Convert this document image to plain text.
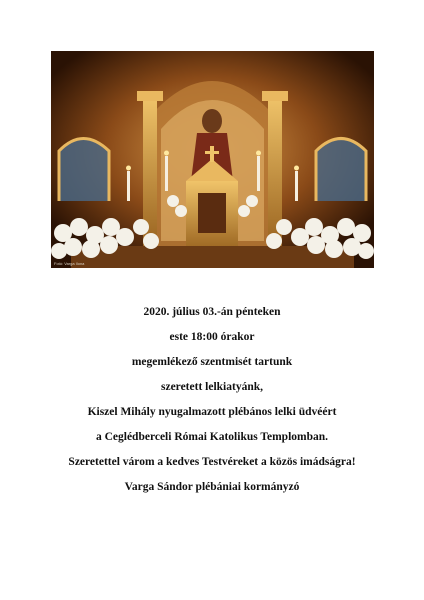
Fotó: Varga Ilona
2020. július 03.-án pénteken
este 18:00 órakor
megemlékező szentmisét tartunk
szeretett lelkiatyánk,
Kiszel Mihály nyugalmazott plébános lelki üdvéért
a Ceglédberceli Római Katolikus Templomban.
Szeretettel várom a kedves Testvéreket a közös imádságra!
Varga Sándor plébániai kormányzó
